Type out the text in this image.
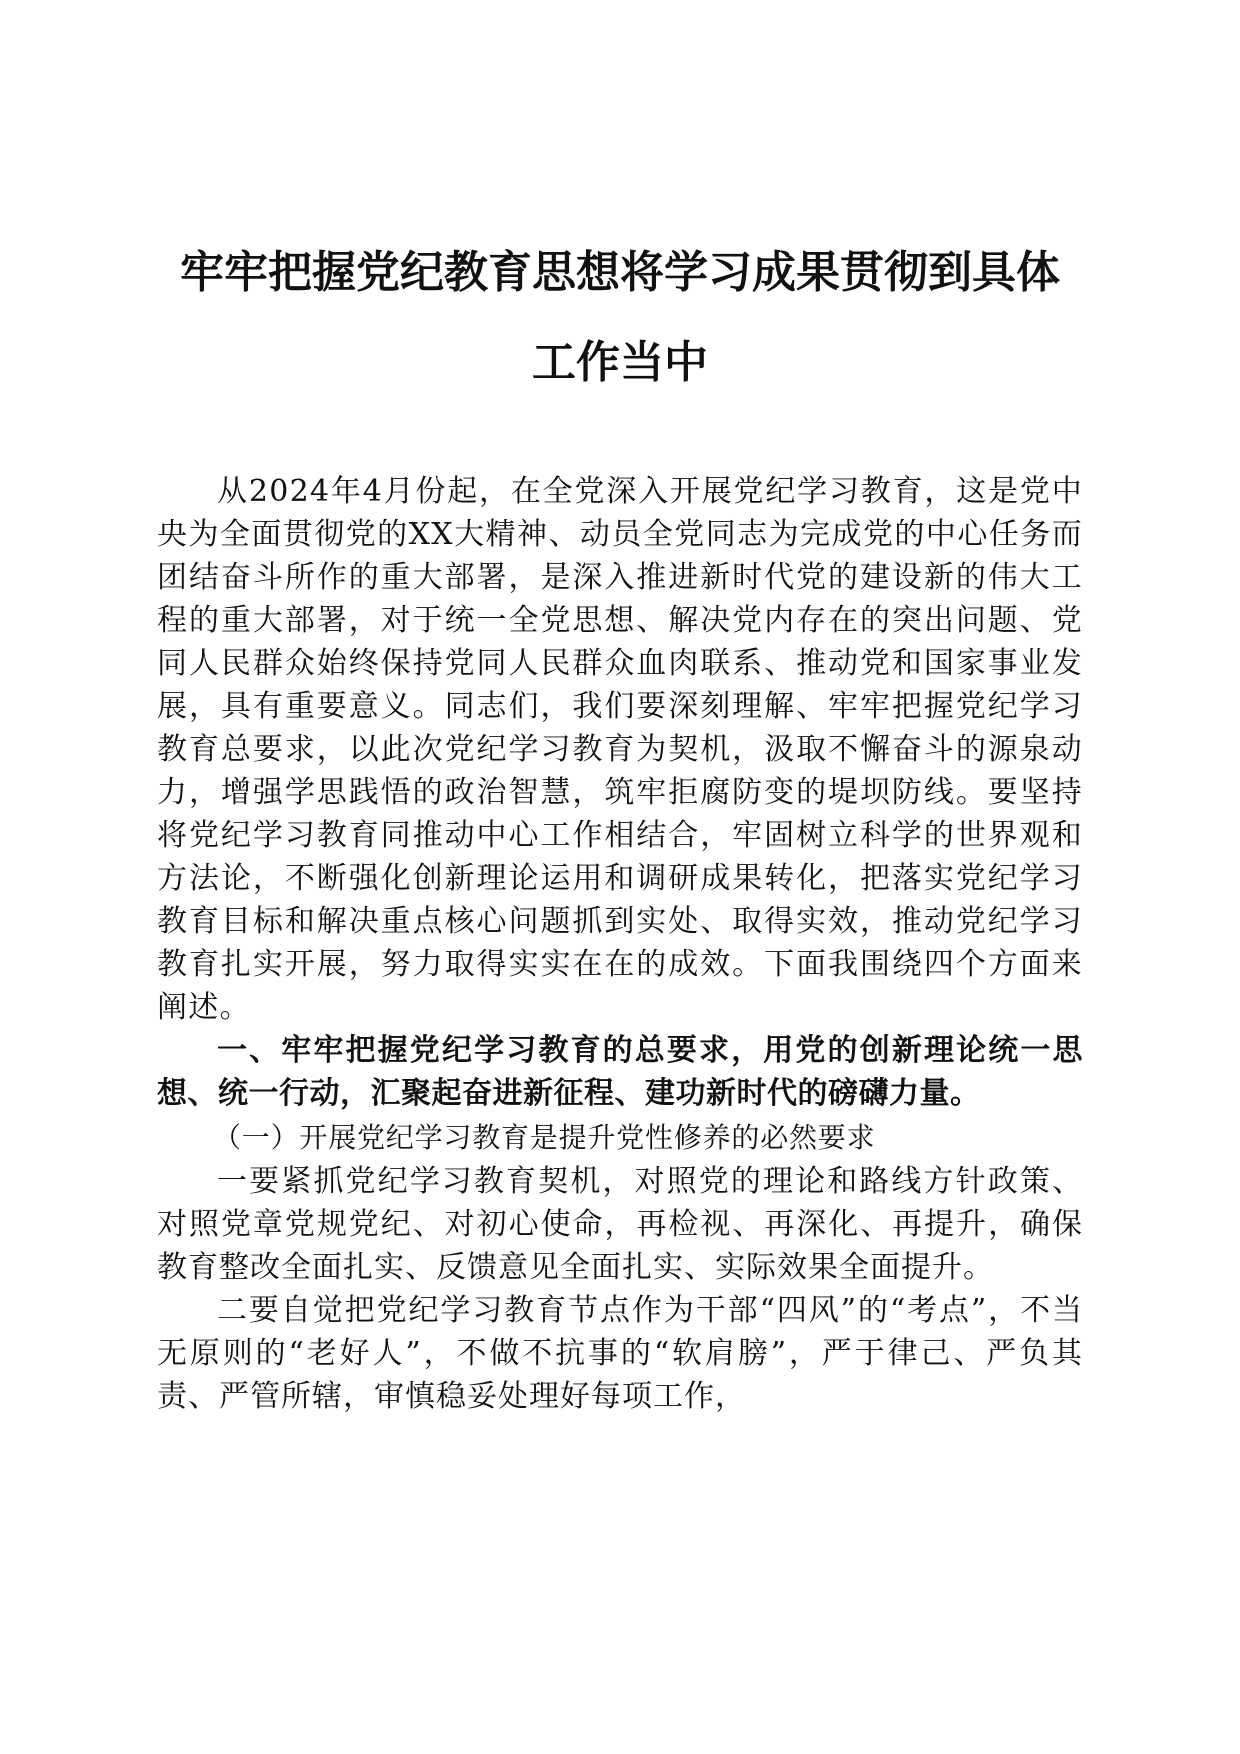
牢牢把握党纪教育思想将学习成果贯彻到具体
工作当中

从2024年4月份起，在全党深入开展党纪学习教育，这是党中央为全面贯彻党的XX大精神、动员全党同志为完成党的中心任务而团结奋斗所作的重大部署，是深入推进新时代党的建设新的伟大工程的重大部署，对于统一全党思想、解决党内存在的突出问题、党同人民群众始终保持党同人民群众血肉联系、推动党和国家事业发展，具有重要意义。同志们，我们要深刻理解、牢牢把握党纪学习教育总要求，以此次党纪学习教育为契机，汲取不懈奋斗的源泉动力，增强学思践悟的政治智慧，筑牢拒腐防变的堤坝防线。要坚持将党纪学习教育同推动中心工作相结合，牢固树立科学的世界观和方法论，不断强化创新理论运用和调研成果转化，把落实党纪学习教育目标和解决重点核心问题抓到实处、取得实效，推动党纪学习教育扎实开展，努力取得实实在在的成效。下面我围绕四个方面来阐述。

一、牢牢把握党纪学习教育的总要求，用党的创新理论统一思想、统一行动，汇聚起奋进新征程、建功新时代的磅礴力量。

（一）开展党纪学习教育是提升党性修养的必然要求

一要紧抓党纪学习教育契机，对照党的理论和路线方针政策、对照党章党规党纪、对初心使命，再检视、再深化、再提升，确保教育整改全面扎实、反馈意见全面扎实、实际效果全面提升。

二要自觉把党纪学习教育节点作为干部“四风”的“考点”，不当无原则的“老好人”，不做不抗事的“软肩膀”，严于律己、严负其责、严管所辖，审慎稳妥处理好每项工作，
